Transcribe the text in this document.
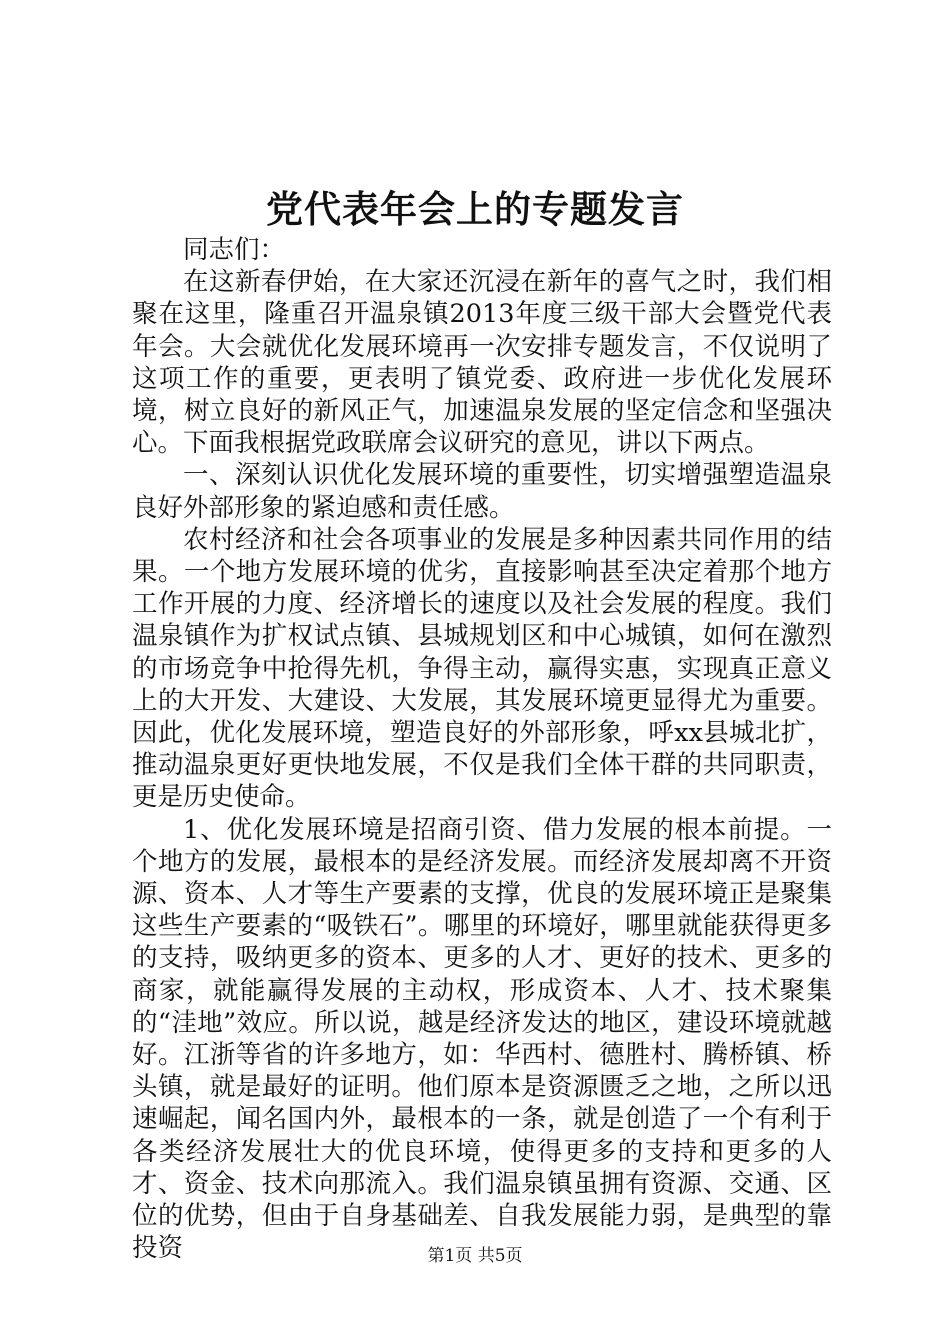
党代表年会上的专题发言

同志们：

在这新春伊始，在大家还沉浸在新年的喜气之时，我们相聚在这里，隆重召开温泉镇2013年度三级干部大会暨党代表年会。大会就优化发展环境再一次安排专题发言，不仅说明了这项工作的重要，更表明了镇党委、政府进一步优化发展环境，树立良好的新风正气，加速温泉发展的坚定信念和坚强决心。下面我根据党政联席会议研究的意见，讲以下两点。

一、深刻认识优化发展环境的重要性，切实增强塑造温泉良好外部形象的紧迫感和责任感。

农村经济和社会各项事业的发展是多种因素共同作用的结果。一个地方发展环境的优劣，直接影响甚至决定着那个地方工作开展的力度、经济增长的速度以及社会发展的程度。我们温泉镇作为扩权试点镇、县城规划区和中心城镇，如何在激烈的市场竞争中抢得先机，争得主动，赢得实惠，实现真正意义上的大开发、大建设、大发展，其发展环境更显得尤为重要。因此，优化发展环境，塑造良好的外部形象，呼xx县城北扩，推动温泉更好更快地发展，不仅是我们全体干群的共同职责，更是历史使命。

1、优化发展环境是招商引资、借力发展的根本前提。一个地方的发展，最根本的是经济发展。而经济发展却离不开资源、资本、人才等生产要素的支撑，优良的发展环境正是聚集这些生产要素的“吸铁石”。哪里的环境好，哪里就能获得更多的支持，吸纳更多的资本、更多的人才、更好的技术、更多的商家，就能赢得发展的主动权，形成资本、人才、技术聚集的“洼地”效应。所以说，越是经济发达的地区，建设环境就越好。江浙等省的许多地方，如：华西村、德胜村、腾桥镇、桥头镇，就是最好的证明。他们原本是资源匮乏之地，之所以迅速崛起，闻名国内外，最根本的一条，就是创造了一个有利于各类经济发展壮大的优良环境，使得更多的支持和更多的人才、资金、技术向那流入。我们温泉镇虽拥有资源、交通、区位的优势，但由于自身基础差、自我发展能力弱，是典型的靠投资	第1页 共5页
